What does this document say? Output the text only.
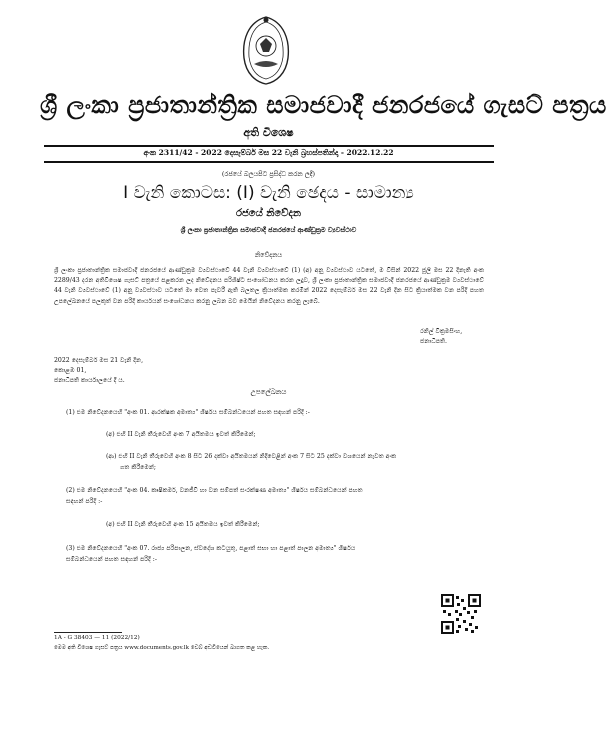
ශ්‍රී ලංකා ප්‍රජාතාන්ත්‍රික සමාජවාදී ජනරජයේ ගැසට් පත්‍රය
අති විශෙෂ
අංක 2311/42 - 2022 දෙසැම්බර් මස 22 වැනි බ්‍රහස්පතින්දා - 2022.12.22
(රජයේ බලයපිට ප්‍රසිද්ධ කරන ලදී)
I වැනි කොටස: (I) වැනි ඡෙදය - සාමාන්‍ය
රජයේ නිවේදන
ශ්‍රී ලංකා ප්‍රජාතාන්ත්‍රික සමාජවාදී ජනරජයේ ආණ්ඩුක්‍රම ව්‍යවස්ථාව
නිවේදනය
ශ්‍රී ලංකා ප්‍රජාතාන්ත්‍රික සමාජවාදී ජනරජයේ ආණ්ඩුක්‍රම ව්‍යවස්ථාවේ 44 වැනි ව්‍යවස්ථාවේ (1) (අ) අනු ව්‍යවස්ථාව යටතේ, ම විසින් 2022 ජූලි මස 22 දිනැති අංක 2289/43 දරන අතිවිශෙෂ ගැසට් පත්‍රයේ පළකරන ලද නිවේදනය පරිශිෂ්ට සංශෝධනය කරන ලදුව, ශ්‍රී ලංකා ප්‍රජාතාන්ත්‍රික සමාජවාදී ජනරජයේ ආණ්ඩුක්‍රම ව්‍යවස්ථාවේ 44 වැනි ව්‍යවස්ථාවේ (1) අනු ව්‍යවස්ථාව යටතේ මා වෙත පැවරී ඇති බලතල ක්‍රියාත්මක කරමින් 2022 දෙසැම්බර් මස 22 වැනි දින සිට ක්‍රියාත්මක වන පරිදි පහත උපලේඛනයේ පලකුත් වන පරිදි කාර්යයන් සංශෝධනය කරනු ලබන බව මෙයින් නිවේදනය කරනු ලැබේ.
රනිල් වික්‍රමසිංහ,
ජනාධිපති.
2022 දෙසැම්බර් මස 21 වැනි දින,
කොළඹ 01,
ජනාධිපති කාර්යාලයේ දී ය.
උපලේඛනය
(1) එම නිවේදනයෙහි "අංක 01. ආරක්ෂක අමාත්‍ය" ශීර්ෂය සම්බන්ධයෙන් පහත සඳහන් පරිදි :-
(අ) එහි II වැනි තීරුවෙහි අංක 7 අයිතමය ඉවත් කිරීමෙන්;
(ආ) එහි II වැනි තීරුවෙහි අංක 8 සිට 26 දක්වා අයිතමයන් නිදිවෙළින් අංක 7 සිට 25 දක්වා වශයෙන් නැවත අංක
ගත කිරීමෙන්;
(2) එම නිවේදනයෙහි "අංක 04. කෘෂිකර්ම, වනජීවී හා වන සම්පත් සංරක්ෂණ අමාත්‍ය" ශීර්ෂය සම්බන්ධයෙන් පහත
සඳහන් පරිදි :-
(අ) එහි II වැනි තීරුවෙහි අංක 15 අයිතමය ඉවත් කිරීමෙන්;
(3) එම නිවේදනයෙහි "අංක 07. රාජ්‍ය පරිපාලන, ස්වදේශ කටයුතු, පළාත් සභා හා පළාත් පාලන අමාත්‍ය" ශීර්ෂය
සම්බන්ධයෙන් පහත සඳහන් පරිදි :-
1A - G 38403 — 11 (2022/12)
මෙම අති විශෙෂ ගැසට් පත්‍රය www.documents.gov.lk වෙබ් අඩවියෙන් බාගත කළ හැක.
